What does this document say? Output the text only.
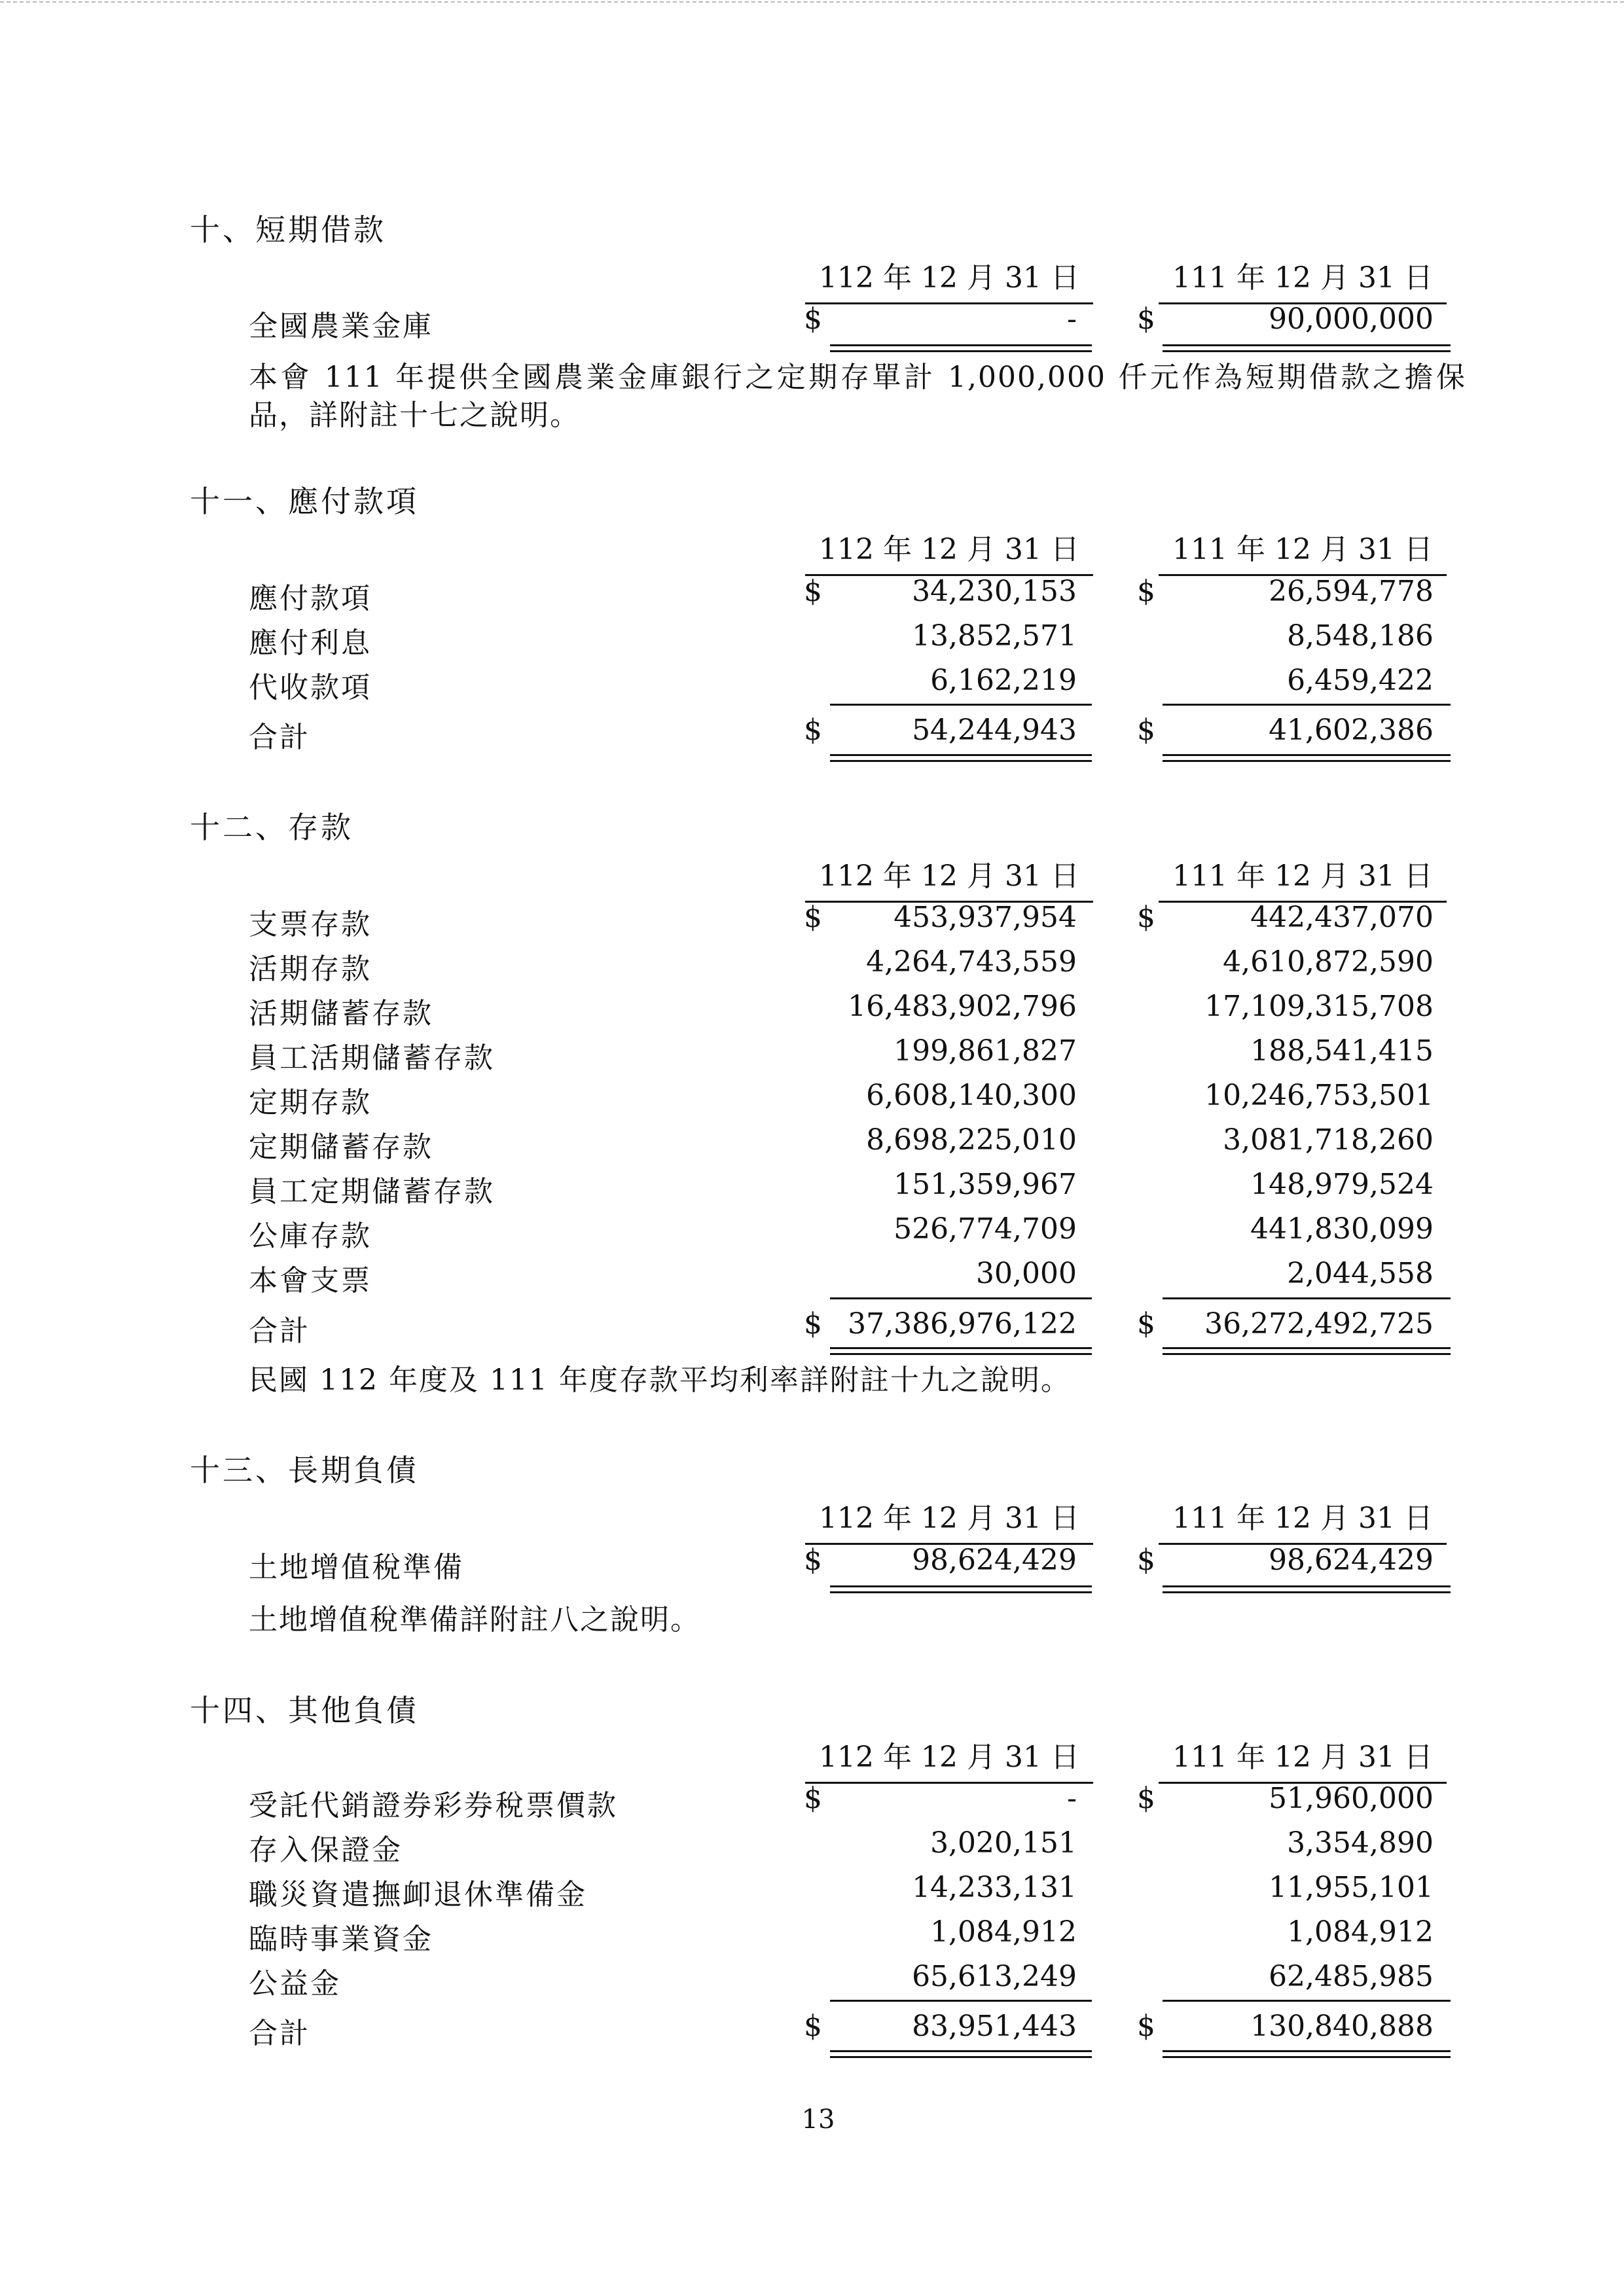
十、短期借款
112 年 12 月 31 日	111 年 12 月 31 日
全國農業金庫	$	- $	90,000,000
本會 111 年提供全國農業金庫銀行之定期存單計 1,000,000 仟元作為短期借款之擔保品，詳附註十七之說明。
十一、應付款項
112 年 12 月 31 日	111 年 12 月 31 日
應付款項	$	34,230,153 $	26,594,778
應付利息	13,852,571	8,548,186
代收款項	6,162,219	6,459,422
合計	$	54,244,943 $	41,602,386
十二、存款
112 年 12 月 31 日	111 年 12 月 31 日
支票存款	$	453,937,954 $	442,437,070
活期存款	4,264,743,559	4,610,872,590
活期儲蓄存款	16,483,902,796	17,109,315,708
員工活期儲蓄存款	199,861,827	188,541,415
定期存款	6,608,140,300	10,246,753,501
定期儲蓄存款	8,698,225,010	3,081,718,260
員工定期儲蓄存款	151,359,967	148,979,524
公庫存款	526,774,709	441,830,099
本會支票	30,000	2,044,558
合計	$ 37,386,976,122 $	36,272,492,725
民國 112 年度及 111 年度存款平均利率詳附註十九之說明。
十三、長期負債
112 年 12 月 31 日	111 年 12 月 31 日
土地增值稅準備	$	98,624,429 $	98,624,429
土地增值稅準備詳附註八之說明。
十四、其他負債
112 年 12 月 31 日	111 年 12 月 31 日
受託代銷證券彩券稅票價款	$	- $	51,960,000
存入保證金	3,020,151	3,354,890
職災資遣撫卹退休準備金	14,233,131	11,955,101
臨時事業資金	1,084,912	1,084,912
公益金	65,613,249	62,485,985
合計	$	83,951,443 $	130,840,888
13
